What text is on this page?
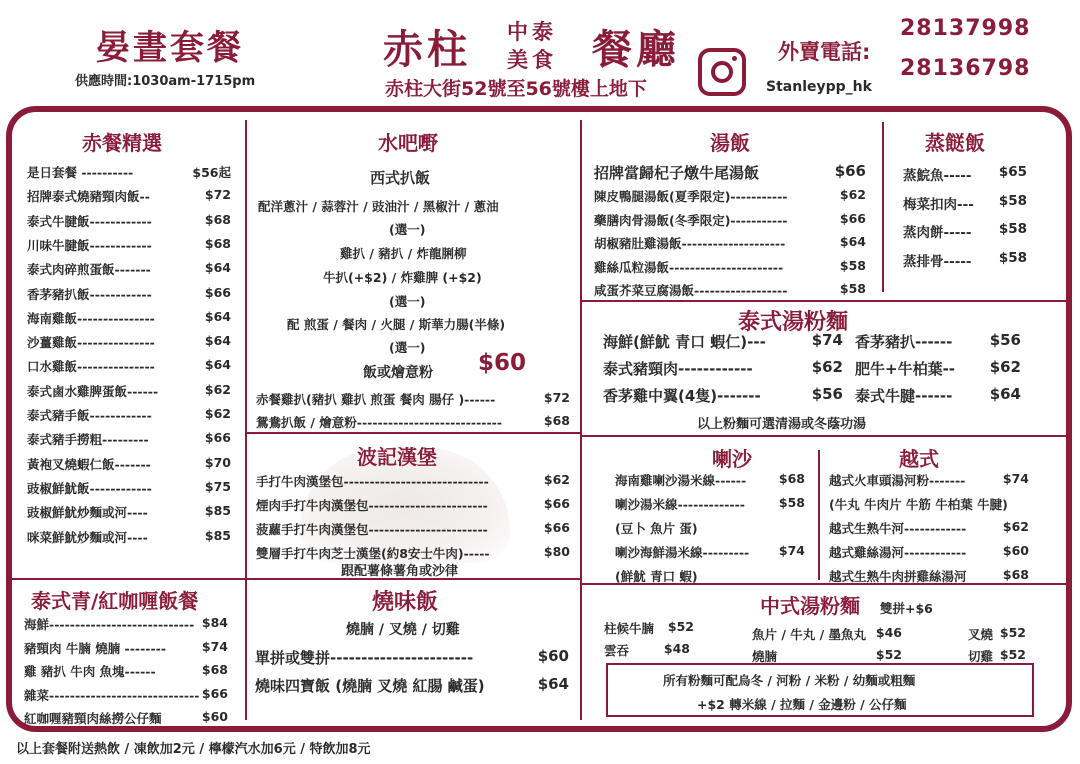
晏晝套餐
供應時間:1030am-1715pm
赤柱 中泰
美食 餐廳
赤柱大街52號至56號樓上地下	Stanleypp_hk
外賣電話:
28137998
28136798
赤餐精選
是日套餐 ----------	$56起
招牌泰式燒豬頸肉飯--	$72
泰式牛腱飯------------	$68
川味牛腱飯------------	$68
泰式肉碎煎蛋飯-------	$64
香茅豬扒飯------------	$66
海南雞飯---------------	$64
沙薑雞飯---------------	$64
口水雞飯---------------	$64
泰式鹵水雞脾蛋飯------	$62
泰式豬手飯------------	$62
泰式豬手撈粗---------	$66
黃袍叉燒蝦仁飯-------	$70
豉椒鮮魷飯------------	$75
豉椒鮮魷炒麵或河----	$85
咪菜鮮魷炒麵或河----	$85
水吧嘢
西式扒飯
配洋蔥汁 / 蒜蓉汁 / 豉油汁 / 黑椒汁 / 蔥油
(選一)
雞扒 / 豬扒 / 炸龍脷柳
牛扒(+$2) / 炸雞脾 (+$2)
(選一)
配 煎蛋 / 餐肉 / 火腿 / 斯華力腸(半條)
(選一)
飯或燴意粉 $60
赤餐雞扒(豬扒 雞扒 煎蛋 餐肉 腸仔 )------	$72
鴛鴦扒飯 / 燴意粉----------------------------	$68
波記漢堡
手打牛肉漢堡包----------------------------	$62
煙肉手打牛肉漢堡包-----------------------	$66
菠蘿手打牛肉漢堡包-----------------------	$66
雙層手打牛肉芝士漢堡(約8安士牛肉)-----	$80
跟配薯條薯角或沙律
泰式青/紅咖喱飯餐
海鮮---------------------------- $84
豬頸肉 牛腩 燒腩 --------	$74
雞 豬扒 牛肉 魚塊------	$68
雜菜----------------------------- $66
紅咖喱豬頸肉絲撈公仔麵	$60
燒味飯
燒腩 / 叉燒 / 切雞
單拼或雙拼-----------------------	$60
燒味四寶飯 (燒腩 叉燒 紅腸 鹹蛋)	$64
湯飯
招牌當歸杞子燉牛尾湯飯	$66
陳皮鴨腿湯飯(夏季限定)-----------	$62
藥膳肉骨湯飯(冬季限定)-----------	$66
胡椒豬肚雞湯飯--------------------	$64
雞絲瓜粒湯飯----------------------	$58
咸蛋芥菜豆腐湯飯------------------	$58
蒸餸飯
蒸鯇魚----- $65
梅菜扣肉--- $58
蒸肉餅----- $58
蒸排骨----- $58
泰式湯粉麵
海鮮(鮮魷 青口 蝦仁)---	$74 香茅豬扒------ $56
泰式豬頸肉------------	$62 肥牛+牛柏葉-- $62
香茅雞中翼(4隻)-------	$56 泰式牛腱------ $64
以上粉麵可選清湯或冬蔭功湯
喇沙
海南雞喇沙湯米線------	$68
喇沙湯米線-------------	$58
(豆卜 魚片 蛋)
喇沙海鮮湯米線--------- $74
(鮮魷 青口 蝦)
越式
越式火車頭湯河粉-------	$74
(牛丸 牛肉片 牛筋 牛柏葉 牛腱)
越式生熟牛河------------	$62
越式雞絲湯河------------	$60
越式生熟牛肉拼雞絲湯河	$68
中式湯粉麵 雙拼+$6
柱候牛腩 $52
雲吞	$48
魚片 / 牛丸 / 墨魚丸 $46
燒腩	$52
叉燒 $52
切雞 $52
所有粉麵可配烏冬 / 河粉 / 米粉 / 幼麵或粗麵
+$2 轉米線 / 拉麵 / 金邊粉 / 公仔麵
以上套餐附送熱飲 / 凍飲加2元 / 檸檬汽水加6元 / 特飲加8元
